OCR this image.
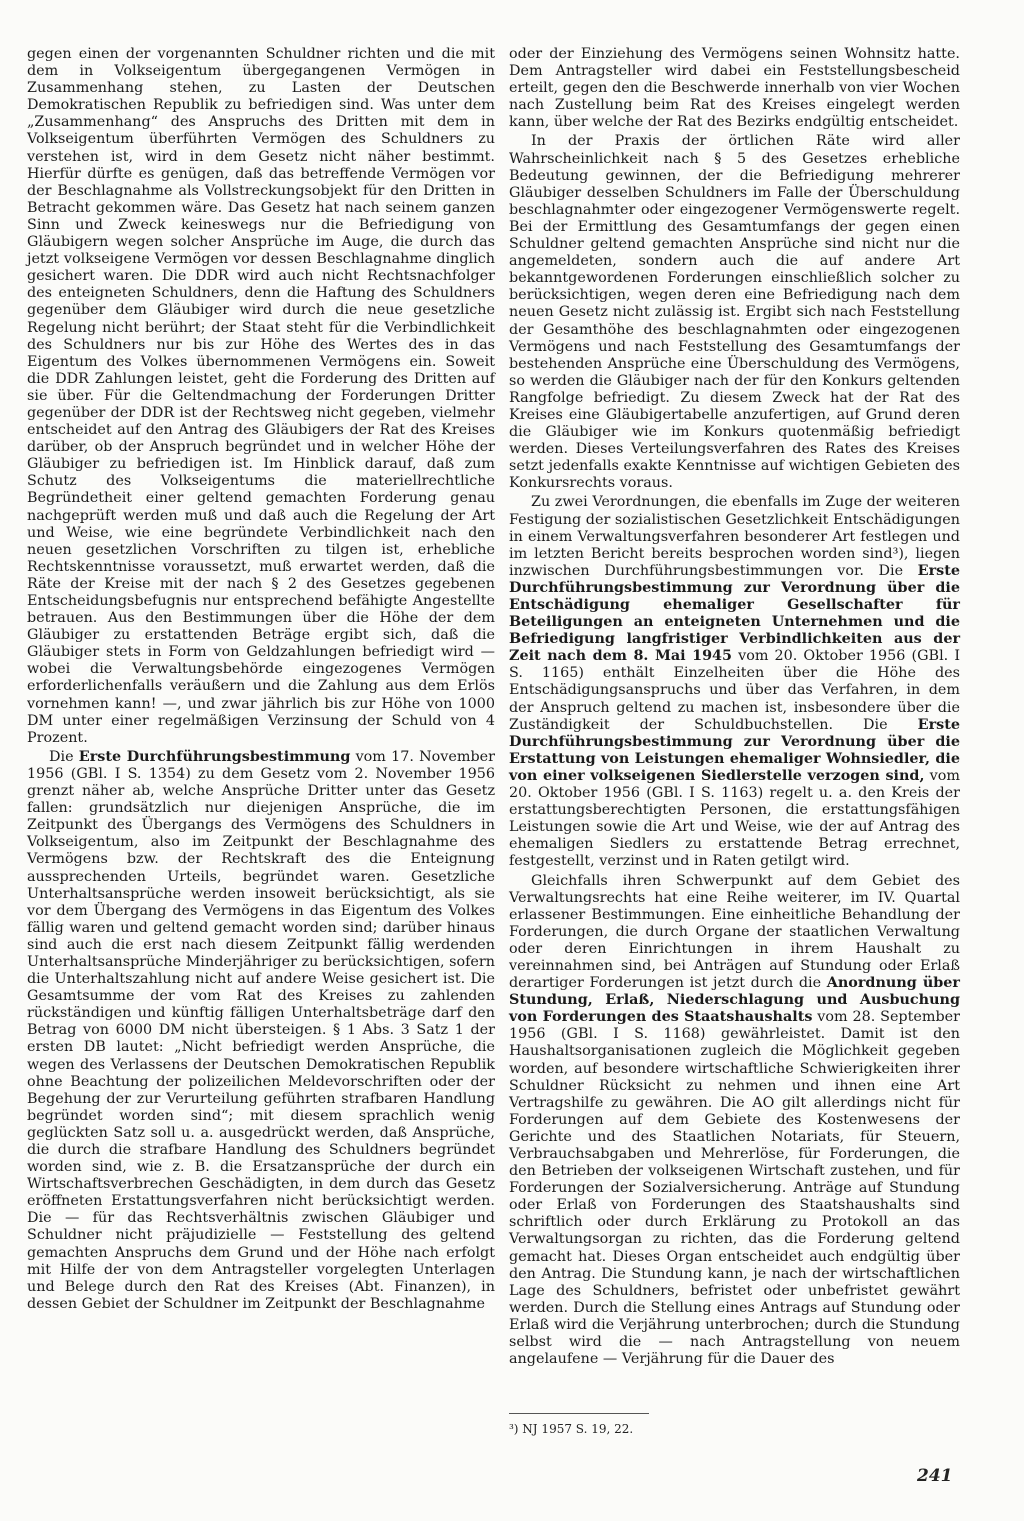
gegen einen der vorgenannten Schuldner richten und die mit dem in Volkseigentum übergegangenen Vermögen in Zusammenhang stehen, zu Lasten der Deutschen Demokratischen Republik zu befriedigen sind. Was unter dem „Zusammenhang“ des Anspruchs des Dritten mit dem in Volkseigentum überführten Vermögen des Schuldners zu verstehen ist, wird in dem Gesetz nicht näher bestimmt. Hierfür dürfte es genügen, daß das betreffende Vermögen vor der Beschlagnahme als Vollstreckungsobjekt für den Dritten in Betracht gekommen wäre. Das Gesetz hat nach seinem ganzen Sinn und Zweck keineswegs nur die Befriedigung von Gläubigern wegen solcher Ansprüche im Auge, die durch das jetzt volkseigene Vermögen vor dessen Beschlagnahme dinglich gesichert waren. Die DDR wird auch nicht Rechtsnachfolger des enteigneten Schuldners, denn die Haftung des Schuldners gegenüber dem Gläubiger wird durch die neue gesetzliche Regelung nicht berührt; der Staat steht für die Verbindlichkeit des Schuldners nur bis zur Höhe des Wertes des in das Eigentum des Volkes übernommenen Vermögens ein. Soweit die DDR Zahlungen leistet, geht die Forderung des Dritten auf sie über. Für die Geltendmachung der Forderungen Dritter gegenüber der DDR ist der Rechtsweg nicht gegeben, vielmehr entscheidet auf den Antrag des Gläubigers der Rat des Kreises darüber, ob der Anspruch begründet und in welcher Höhe der Gläubiger zu befriedigen ist. Im Hinblick darauf, daß zum Schutz des Volkseigentums die materiellrechtliche Begründetheit einer geltend gemachten Forderung genau nachgeprüft werden muß und daß auch die Regelung der Art und Weise, wie eine begründete Verbindlichkeit nach den neuen gesetzlichen Vorschriften zu tilgen ist, erhebliche Rechtskenntnisse voraussetzt, muß erwartet werden, daß die Räte der Kreise mit der nach § 2 des Gesetzes gegebenen Entscheidungsbefugnis nur entsprechend befähigte Angestellte betrauen. Aus den Bestimmungen über die Höhe der dem Gläubiger zu erstattenden Beträge ergibt sich, daß die Gläubiger stets in Form von Geldzahlungen befriedigt wird — wobei die Verwaltungsbehörde eingezogenes Vermögen erforderlichenfalls veräußern und die Zahlung aus dem Erlös vornehmen kann! —, und zwar jährlich bis zur Höhe von 1000 DM unter einer regelmäßigen Verzinsung der Schuld von 4 Prozent.

Die Erste Durchführungsbestimmung vom 17. November 1956 (GBl. I S. 1354) zu dem Gesetz vom 2. November 1956 grenzt näher ab, welche Ansprüche Dritter unter das Gesetz fallen: grundsätzlich nur diejenigen Ansprüche, die im Zeitpunkt des Übergangs des Vermögens des Schuldners in Volkseigentum, also im Zeitpunkt der Beschlagnahme des Vermögens bzw. der Rechtskraft des die Enteignung aussprechenden Urteils, begründet waren. Gesetzliche Unterhaltsansprüche werden insoweit berücksichtigt, als sie vor dem Übergang des Vermögens in das Eigentum des Volkes fällig waren und geltend gemacht worden sind; darüber hinaus sind auch die erst nach diesem Zeitpunkt fällig werdenden Unterhaltsansprüche Minderjähriger zu berücksichtigen, sofern die Unterhaltszahlung nicht auf andere Weise gesichert ist. Die Gesamtsumme der vom Rat des Kreises zu zahlenden rückständigen und künftig fälligen Unterhaltsbeträge darf den Betrag von 6000 DM nicht übersteigen. § 1 Abs. 3 Satz 1 der ersten DB lautet: „Nicht befriedigt werden Ansprüche, die wegen des Verlassens der Deutschen Demokratischen Republik ohne Beachtung der polizeilichen Meldevorschriften oder der Begehung der zur Verurteilung geführten strafbaren Handlung begründet worden sind“; mit diesem sprachlich wenig geglückten Satz soll u. a. ausgedrückt werden, daß Ansprüche, die durch die strafbare Handlung des Schuldners begründet worden sind, wie z. B. die Ersatzansprüche der durch ein Wirtschaftsverbrechen Geschädigten, in dem durch das Gesetz eröffneten Erstattungsverfahren nicht berücksichtigt werden. Die — für das Rechtsverhältnis zwischen Gläubiger und Schuldner nicht präjudizielle — Feststellung des geltend gemachten Anspruchs dem Grund und der Höhe nach erfolgt mit Hilfe der von dem Antragsteller vorgelegten Unterlagen und Belege durch den Rat des Kreises (Abt. Finanzen), in dessen Gebiet der Schuldner im Zeitpunkt der Beschlagnahme

oder der Einziehung des Vermögens seinen Wohnsitz hatte. Dem Antragsteller wird dabei ein Feststellungsbescheid erteilt, gegen den die Beschwerde innerhalb von vier Wochen nach Zustellung beim Rat des Kreises eingelegt werden kann, über welche der Rat des Bezirks endgültig entscheidet.

In der Praxis der örtlichen Räte wird aller Wahrscheinlichkeit nach § 5 des Gesetzes erhebliche Bedeutung gewinnen, der die Befriedigung mehrerer Gläubiger desselben Schuldners im Falle der Überschuldung beschlagnahmter oder eingezogener Vermögenswerte regelt. Bei der Ermittlung des Gesamtumfangs der gegen einen Schuldner geltend gemachten Ansprüche sind nicht nur die angemeldeten, sondern auch die auf andere Art bekanntgewordenen Forderungen einschließlich solcher zu berücksichtigen, wegen deren eine Befriedigung nach dem neuen Gesetz nicht zulässig ist. Ergibt sich nach Feststellung der Gesamthöhe des beschlagnahmten oder eingezogenen Vermögens und nach Feststellung des Gesamtumfangs der bestehenden Ansprüche eine Überschuldung des Vermögens, so werden die Gläubiger nach der für den Konkurs geltenden Rangfolge befriedigt. Zu diesem Zweck hat der Rat des Kreises eine Gläubigertabelle anzufertigen, auf Grund deren die Gläubiger wie im Konkurs quotenmäßig befriedigt werden. Dieses Verteilungsverfahren des Rates des Kreises setzt jedenfalls exakte Kenntnisse auf wichtigen Gebieten des Konkursrechts voraus.

Zu zwei Verordnungen, die ebenfalls im Zuge der weiteren Festigung der sozialistischen Gesetzlichkeit Entschädigungen in einem Verwaltungsverfahren besonderer Art festlegen und im letzten Bericht bereits besprochen worden sind³), liegen inzwischen Durchführungsbestimmungen vor. Die Erste Durchführungsbestimmung zur Verordnung über die Entschädigung ehemaliger Gesellschafter für Beteiligungen an enteigneten Unternehmen und die Befriedigung langfristiger Verbindlichkeiten aus der Zeit nach dem 8. Mai 1945 vom 20. Oktober 1956 (GBl. I S. 1165) enthält Einzelheiten über die Höhe des Entschädigungsanspruchs und über das Verfahren, in dem der Anspruch geltend zu machen ist, insbesondere über die Zuständigkeit der Schuldbuchstellen. Die Erste Durchführungsbestimmung zur Verordnung über die Erstattung von Leistungen ehemaliger Wohnsiedler, die von einer volkseigenen Siedlerstelle verzogen sind, vom 20. Oktober 1956 (GBl. I S. 1163) regelt u. a. den Kreis der erstattungsberechtigten Personen, die erstattungsfähigen Leistungen sowie die Art und Weise, wie der auf Antrag des ehemaligen Siedlers zu erstattende Betrag errechnet, festgestellt, verzinst und in Raten getilgt wird.

Gleichfalls ihren Schwerpunkt auf dem Gebiet des Verwaltungsrechts hat eine Reihe weiterer, im IV. Quartal erlassener Bestimmungen. Eine einheitliche Behandlung der Forderungen, die durch Organe der staatlichen Verwaltung oder deren Einrichtungen in ihrem Haushalt zu vereinnahmen sind, bei Anträgen auf Stundung oder Erlaß derartiger Forderungen ist jetzt durch die Anordnung über Stundung, Erlaß, Niederschlagung und Ausbuchung von Forderungen des Staatshaushalts vom 28. September 1956 (GBl. I S. 1168) gewährleistet. Damit ist den Haushaltsorganisationen zugleich die Möglichkeit gegeben worden, auf besondere wirtschaftliche Schwierigkeiten ihrer Schuldner Rücksicht zu nehmen und ihnen eine Art Vertragshilfe zu gewähren. Die AO gilt allerdings nicht für Forderungen auf dem Gebiete des Kostenwesens der Gerichte und des Staatlichen Notariats, für Steuern, Verbrauchsabgaben und Mehrerlöse, für Forderungen, die den Betrieben der volkseigenen Wirtschaft zustehen, und für Forderungen der Sozialversicherung. Anträge auf Stundung oder Erlaß von Forderungen des Staatshaushalts sind schriftlich oder durch Erklärung zu Protokoll an das Verwaltungsorgan zu richten, das die Forderung geltend gemacht hat. Dieses Organ entscheidet auch endgültig über den Antrag. Die Stundung kann, je nach der wirtschaftlichen Lage des Schuldners, befristet oder unbefristet gewährt werden. Durch die Stellung eines Antrags auf Stundung oder Erlaß wird die Verjährung unterbrochen; durch die Stundung selbst wird die — nach Antragstellung von neuem angelaufene — Verjährung für die Dauer des

³) NJ 1957 S. 19, 22.
241
